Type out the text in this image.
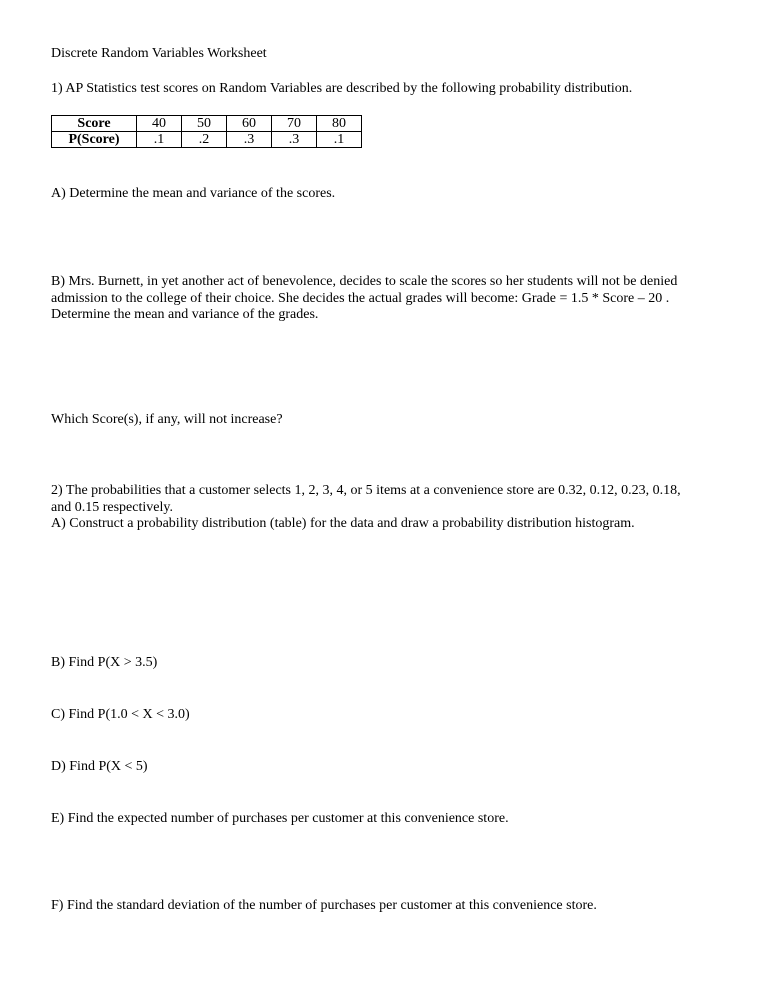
Discrete Random Variables Worksheet

1) AP Statistics test scores on Random Variables are described by the following probability distribution.

Score	40	50	60	70	80
P(Score)	.1	.2	.3	.3	.1

A) Determine the mean and variance of the scores.

B) Mrs. Burnett, in yet another act of benevolence, decides to scale the scores so her students will not be denied
admission to the college of their choice. She decides the actual grades will become: Grade = 1.5 * Score – 20 .
Determine the mean and variance of the grades.

Which Score(s), if any, will not increase?

2) The probabilities that a customer selects 1, 2, 3, 4, or 5 items at a convenience store are 0.32, 0.12, 0.23, 0.18,
and 0.15 respectively.

A) Construct a probability distribution (table) for the data and draw a probability distribution histogram.

B) Find P(X > 3.5)

C) Find P(1.0 < X < 3.0)

D) Find P(X < 5)

E) Find the expected number of purchases per customer at this convenience store.

F) Find the standard deviation of the number of purchases per customer at this convenience store.
